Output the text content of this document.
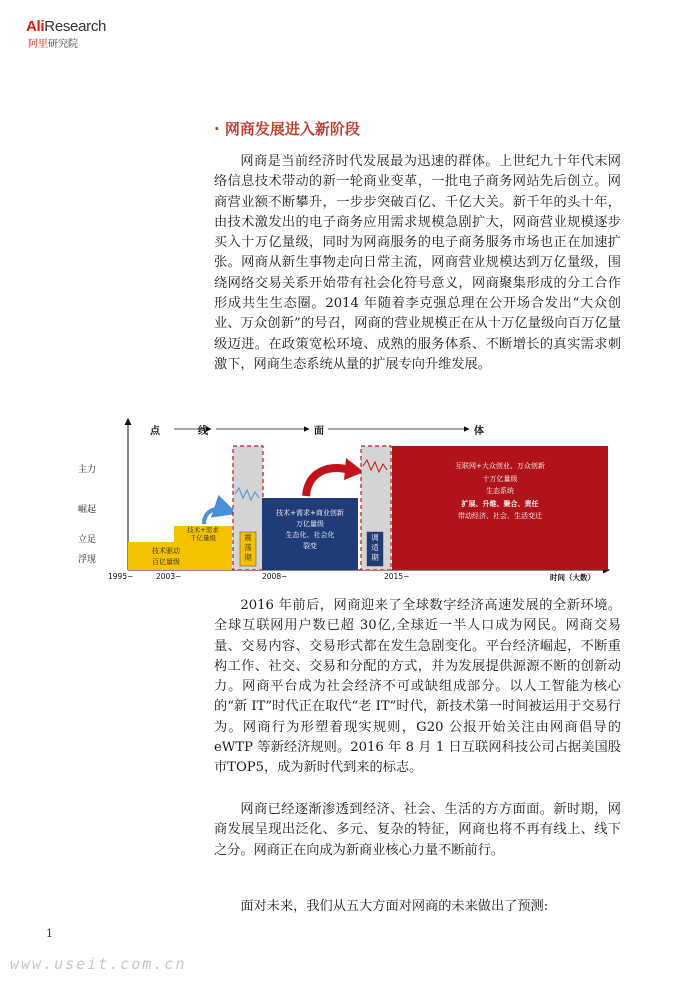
AliResearch
阿里研究院
· 网商发展进入新阶段

网商是当前经济时代发展最为迅速的群体。上世纪九十年代末网络信息技术带动的新一轮商业变革，一批电子商务网站先后创立。网商营业额不断攀升，一步步突破百亿、千亿大关。新千年的头十年，由技术激发出的电子商务应用需求规模急剧扩大，网商营业规模逐步买入十万亿量级，同时为网商服务的电子商务服务市场也正在加速扩张。网商从新生事物走向日常主流，网商营业规模达到万亿量级，围绕网络交易关系开始带有社会化符号意义，网商聚集形成的分工合作形成共生生态圈。2014 年随着李克强总理在公开场合发出“大众创业、万众创新”的号召，网商的营业规模正在从十万亿量级向百万亿量级迈进。在政策宽松环境、成熟的服务体系、不断增长的真实需求刺激下，网商生态系统从量的扩展专向升维发展。

点	线	面	体
主力
崛起
立足
浮现
1995~	2003~	2008~	2015~	时间（大数）
技术驱动
百亿量级
技术+需求
千亿量级	震荡期
技术+需求+商业创新
万亿量级
生态化、社会化
裂变
调适期
互联网+大众创业、万众创新
十万亿量级
生态系统
扩展、升维、聚合、责任
带动经济、社会、生活变迁

2016 年前后，网商迎来了全球数字经济高速发展的全新环境。全球互联网用户数已超 30亿,全球近一半人口成为网民。网商交易量、交易内容、交易形式都在发生急剧变化。平台经济崛起，不断重构工作、社交、交易和分配的方式，并为发展提供源源不断的创新动力。网商平台成为社会经济不可或缺组成部分。以人工智能为核心的“新 IT”时代正在取代“老 IT”时代，新技术第一时间被运用于交易行为。网商行为形塑着现实规则，G20 公报开始关注由网商倡导的 eWTP 等新经济规则。2016 年 8 月 1 日互联网科技公司占据美国股市TOP5，成为新时代到来的标志。

网商已经逐渐渗透到经济、社会、生活的方方面面。新时期，网商发展呈现出泛化、多元、复杂的特征，网商也将不再有线上、线下之分。网商正在向成为新商业核心力量不断前行。

面对未来，我们从五大方面对网商的未来做出了预测:

1
www.useit.com.cn
